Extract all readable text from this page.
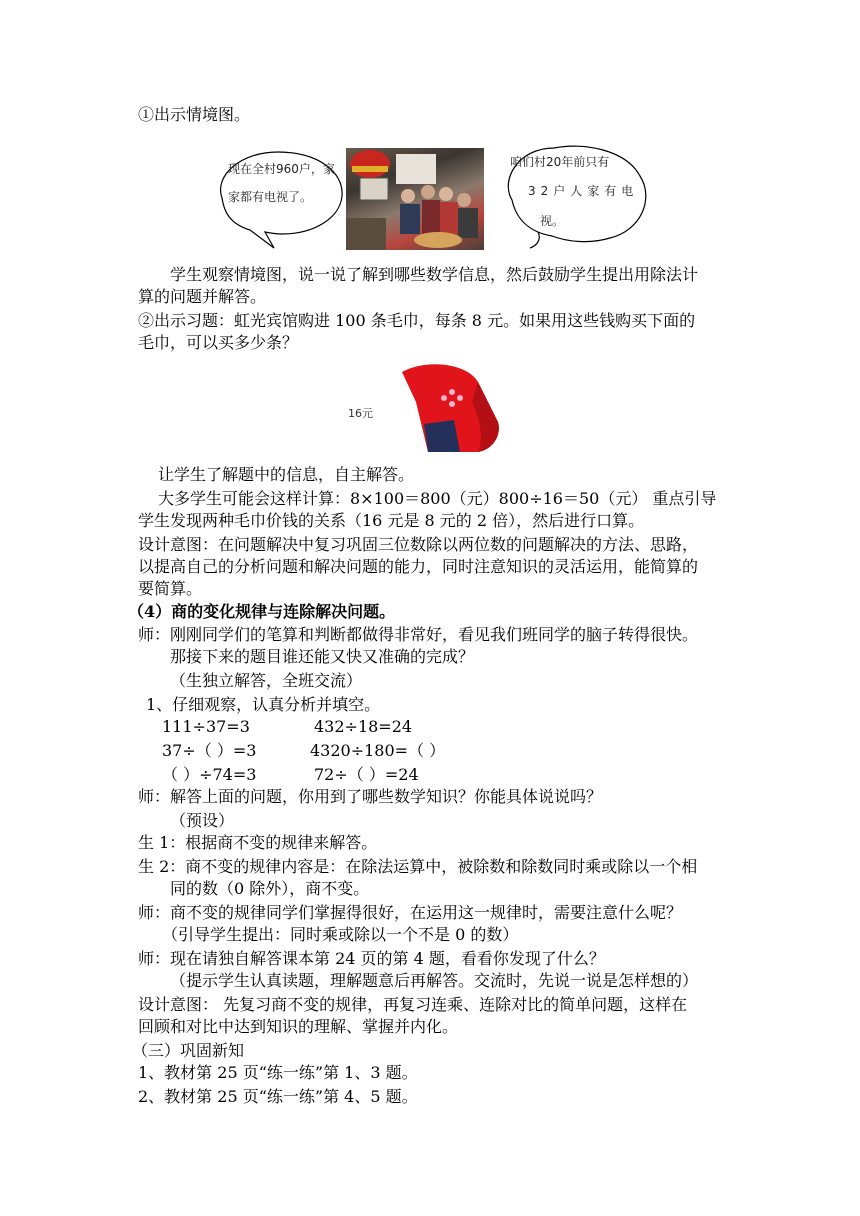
①出示情境图。
现在全村960户，家
家都有电视了。
咱们村20年前只有
32户人家有电
视。
学生观察情境图，说一说了解到哪些数学信息，然后鼓励学生提出用除法计
算的问题并解答。
②出示习题：虹光宾馆购进 100 条毛巾，每条 8 元。如果用这些钱购买下面的
毛巾，可以买多少条？
16元
让学生了解题中的信息，自主解答。
大多学生可能会这样计算：8×100＝800（元）800÷16＝50（元） 重点引导
学生发现两种毛巾价钱的关系（16 元是 8 元的 2 倍），然后进行口算。
设计意图：在问题解决中复习巩固三位数除以两位数的问题解决的方法、思路，
以提高自己的分析问题和解决问题的能力，同时注意知识的灵活运用，能简算的
要简算。
（4）商的变化规律与连除解决问题。
师：刚刚同学们的笔算和判断都做得非常好，看见我们班同学的脑子转得很快。
那接下来的题目谁还能又快又准确的完成？
（生独立解答，全班交流）
1、仔细观察，认真分析并填空。
111÷37=3	432÷18=24
37÷（ ）=3	4320÷180=（ ）
（ ）÷74=3	72÷（ ）=24
师：解答上面的问题，你用到了哪些数学知识？你能具体说说吗？
（预设）
生 1：根据商不变的规律来解答。
生 2：商不变的规律内容是：在除法运算中，被除数和除数同时乘或除以一个相
同的数（0 除外），商不变。
师：商不变的规律同学们掌握得很好，在运用这一规律时，需要注意什么呢？
（引导学生提出：同时乘或除以一个不是 0 的数）
师：现在请独自解答课本第 24 页的第 4 题，看看你发现了什么？
（提示学生认真读题，理解题意后再解答。交流时，先说一说是怎样想的）
设计意图： 先复习商不变的规律，再复习连乘、连除对比的简单问题，这样在
回顾和对比中达到知识的理解、掌握并内化。
（三）巩固新知
1、教材第 25 页“练一练”第 1、3 题。
2、教材第 25 页“练一练”第 4、5 题。
